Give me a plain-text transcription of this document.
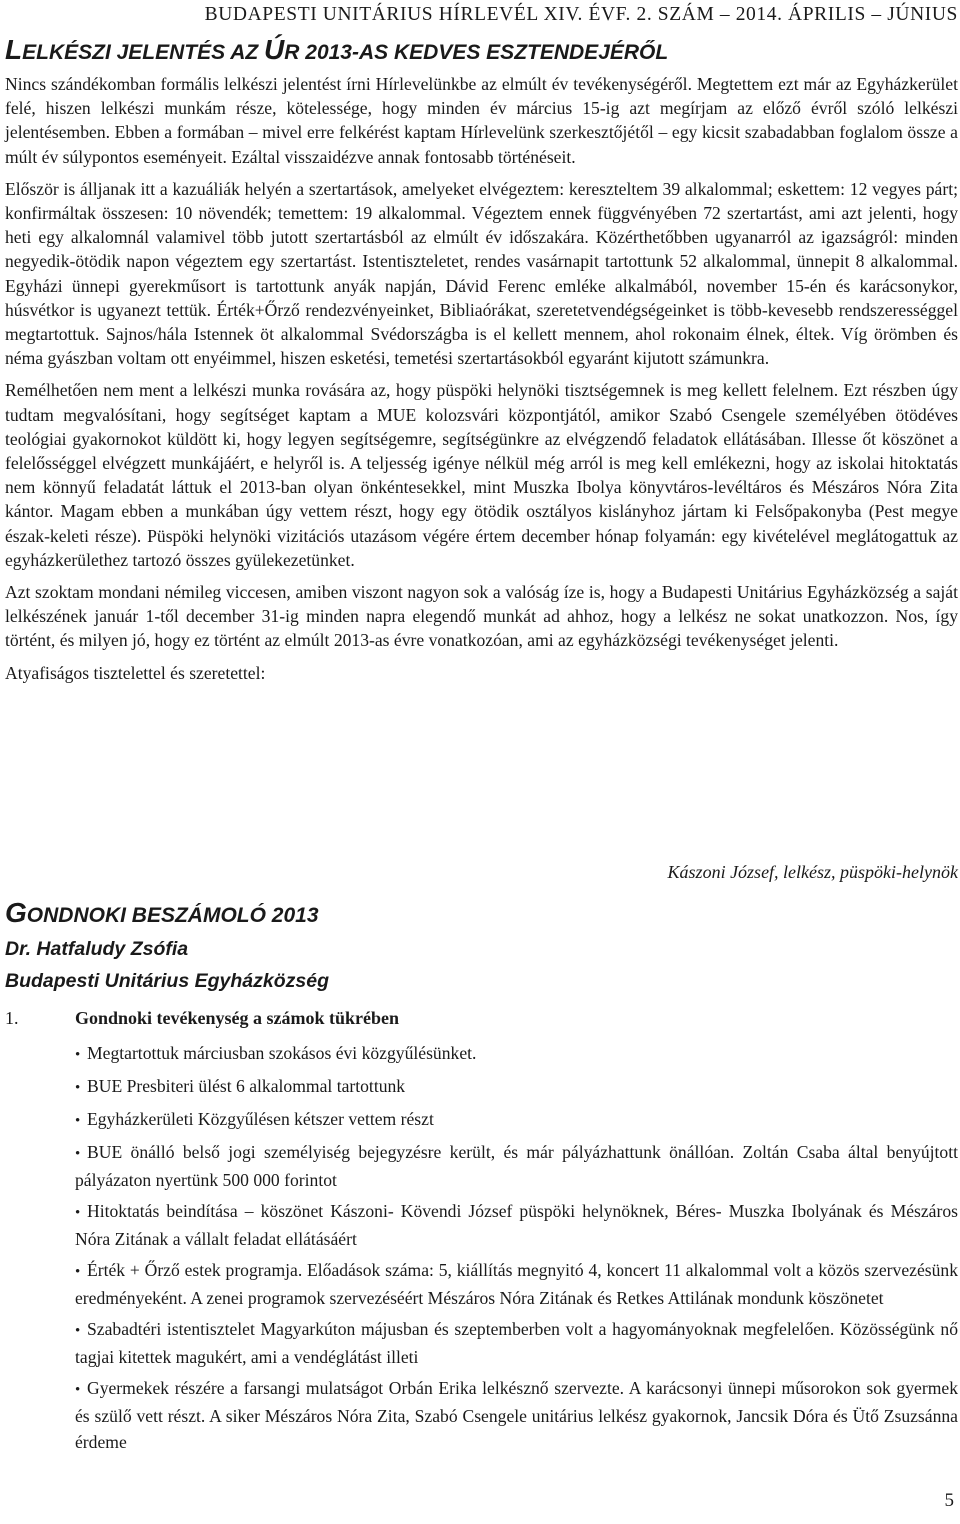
BUDAPESTI UNITÁRIUS HÍRLEVÉL XIV. ÉVF. 2. SZÁM – 2014. ÁPRILIS – JÚNIUS
LELKÉSZI JELENTÉS AZ ÚR 2013-AS KEDVES ESZTENDEJÉRŐL

Nincs szándékomban formális lelkészi jelentést írni Hírlevelünkbe az elmúlt év tevékenységéről. Megtettem ezt már az Egyházkerület felé, hiszen lelkészi munkám része, kötelessége, hogy minden év március 15-ig azt megírjam az előző évről szóló lelkészi jelentésemben. Ebben a formában – mivel erre felkérést kaptam Hírlevelünk szerkesztőjétől – egy kicsit szabadabban foglalom össze a múlt év súlypontos eseményeit. Ezáltal visszaidézve annak fontosabb történéseit.

Először is álljanak itt a kazuáliák helyén a szertartások, amelyeket elvégeztem: kereszteltem 39 alkalommal; eskettem: 12 vegyes párt; konfirmáltak összesen: 10 növendék; temettem: 19 alkalommal. Végeztem ennek függvényében 72 szertartást, ami azt jelenti, hogy heti egy alkalomnál valamivel több jutott szertartásból az elmúlt év időszakára. Közérthetőbben ugyanarról az igazságról: minden negyedik-ötödik napon végeztem egy szertartást. Istentiszteletet, rendes vasárnapit tartottunk 52 alkalommal, ünnepit 8 alkalommal. Egyházi ünnepi gyerekműsort is tartottunk anyák napján, Dávid Ferenc emléke alkalmából, november 15-én és karácsonykor, húsvétkor is ugyanezt tettük. Érték+Őrző rendezvényeinket, Bibliaórákat, szeretetvendégségeinket is több-kevesebb rendszerességgel megtartottuk. Sajnos/hála Istennek öt alkalommal Svédországba is el kellett mennem, ahol rokonaim élnek, éltek. Víg örömben és néma gyászban voltam ott enyéimmel, hiszen esketési, temetési szertartásokból egyaránt kijutott számunkra.

Remélhetően nem ment a lelkészi munka rovására az, hogy püspöki helynöki tisztségemnek is meg kellett felelnem. Ezt részben úgy tudtam megvalósítani, hogy segítséget kaptam a MUE kolozsvári központjától, amikor Szabó Csengele személyében ötödéves teológiai gyakornokot küldött ki, hogy legyen segítségemre, segítségünkre az elvégzendő feladatok ellátásában. Illesse őt köszönet a felelősséggel elvégzett munkájáért, e helyről is. A teljesség igénye nélkül még arról is meg kell emlékezni, hogy az iskolai hitoktatás nem könnyű feladatát láttuk el 2013-ban olyan önkéntesekkel, mint Muszka Ibolya könyvtáros-levéltáros és Mészáros Nóra Zita kántor. Magam ebben a munkában úgy vettem részt, hogy egy ötödik osztályos kislányhoz jártam ki Felsőpakonyba (Pest megye észak-keleti része). Püspöki helynöki vizitációs utazásom végére értem december hónap folyamán: egy kivételével meglátogattuk az egyházkerülethez tartozó összes gyülekezetünket.

Azt szoktam mondani némileg viccesen, amiben viszont nagyon sok a valóság íze is, hogy a Budapesti Unitárius Egyházközség a saját lelkészének január 1-től december 31-ig minden napra elegendő munkát ad ahhoz, hogy a lelkész ne sokat unatkozzon. Nos, így történt, és milyen jó, hogy ez történt az elmúlt 2013-as évre vonatkozóan, ami az egyházközségi tevékenységet jelenti.

Atyafiságos tisztelettel és szeretettel:

Kászoni József, lelkész, püspöki-helynök
GONDNOKI BESZÁMOLÓ 2013
Dr. Hatfaludy Zsófia
Budapesti Unitárius Egyházközség
1.	Gondnoki tevékenység a számok tükrében
• Megtartottuk márciusban szokásos évi közgyűlésünket.
• BUE Presbiteri ülést 6 alkalommal tartottunk
• Egyházkerületi Közgyűlésen kétszer vettem részt
• BUE önálló belső jogi személyiség bejegyzésre került, és már pályázhattunk önállóan. Zoltán Csaba által benyújtott pályázaton nyertünk 500 000 forintot
• Hitoktatás beindítása – köszönet Kászoni- Kövendi József püspöki helynöknek, Béres- Muszka Ibolyának és Mészáros Nóra Zitának a vállalt feladat ellátásáért
• Érték + Őrző estek programja. Előadások száma: 5, kiállítás megnyitó 4, koncert 11 alkalommal volt a közös szervezésünk eredményeként. A zenei programok szervezéséért Mészáros Nóra Zitának és Retkes Attilának mondunk köszönetet
• Szabadtéri istentisztelet Magyarkúton májusban és szeptemberben volt a hagyományoknak megfelelően. Közösségünk nő tagjai kitettek magukért, ami a vendéglátást illeti
• Gyermekek részére a farsangi mulatságot Orbán Erika lelkésznő szervezte. A karácsonyi ünnepi műsorokon sok gyermek és szülő vett részt. A siker Mészáros Nóra Zita, Szabó Csengele unitárius lelkész gyakornok, Jancsik Dóra és Ütő Zsuzsánna érdeme
5
